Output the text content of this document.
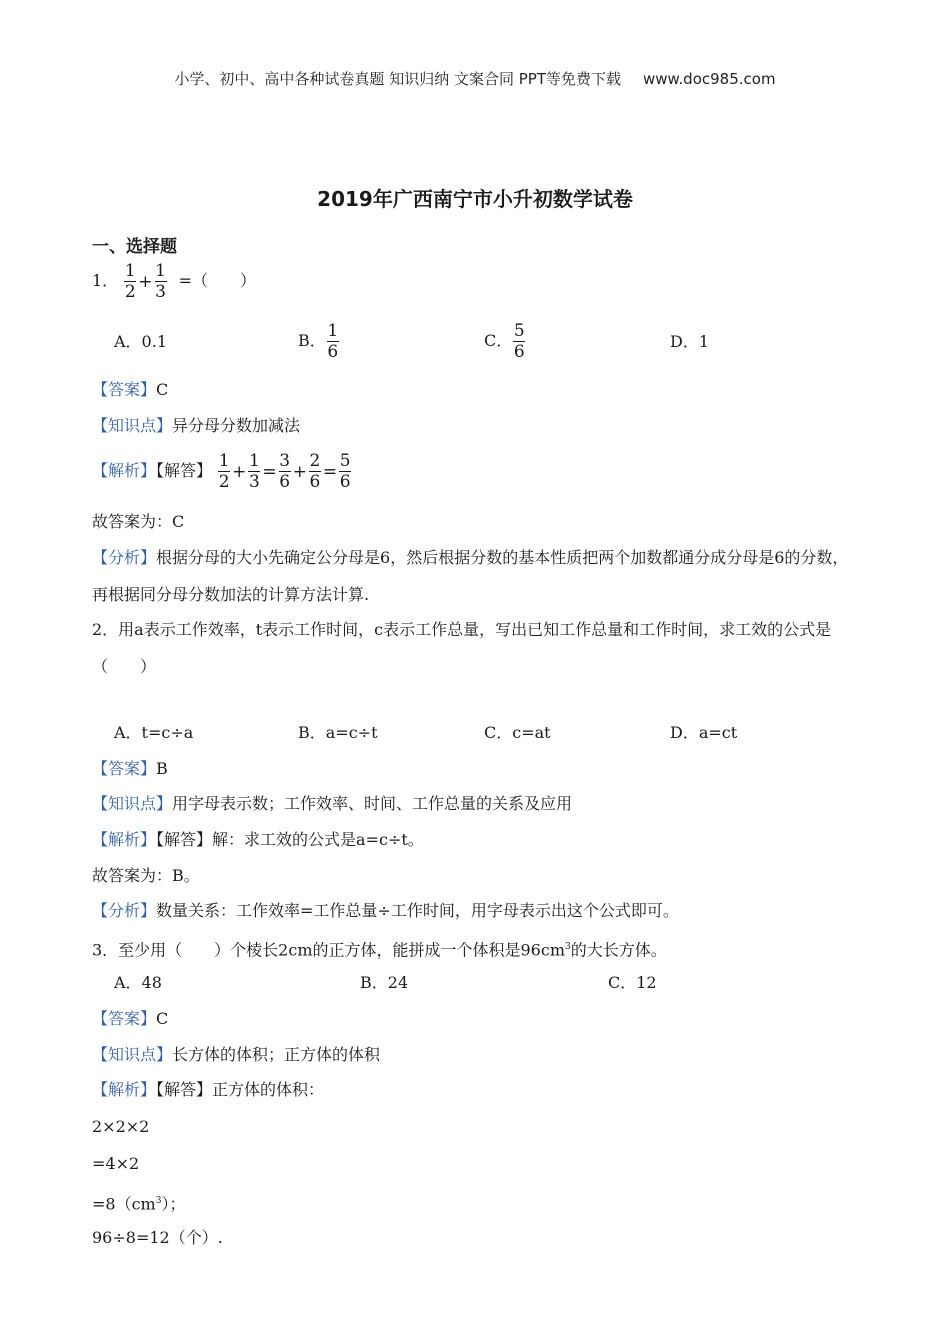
小学、初中、高中各种试卷真题 知识归纳 文案合同 PPT等免费下载 www.doc985.com
2019年广西南宁市小升初数学试卷
一、选择题
1． $\frac{1}{2} + \frac{1}{3}$ =（　　）
A．0.1	B． $\frac{1}{6}$	C． $\frac{5}{6}$	D．1
【答案】C
【知识点】异分母分数加减法
【解析】【解答】 $\frac{1}{2} + \frac{1}{3} = \frac{3}{6} + \frac{2}{6} = \frac{5}{6}$
故答案为：C
【分析】根据分母的大小先确定公分母是6，然后根据分数的基本性质把两个加数都通分成分母是6的分数，再根据同分母分数加法的计算方法计算.
2．用a表示工作效率，t表示工作时间，c表示工作总量，写出已知工作总量和工作时间，求工效的公式是（　　）
A．t=c÷a	B．a=c÷t	C．c=at	D．a=ct
【答案】B
【知识点】用字母表示数；工作效率、时间、工作总量的关系及应用
【解析】【解答】解：求工效的公式是a=c÷t。
故答案为：B。
【分析】数量关系：工作效率=工作总量÷工作时间，用字母表示出这个公式即可。
3．至少用（　　）个棱长2cm的正方体，能拼成一个体积是$96cm^3$的大长方体。
A．48	B．24	C．12
【答案】C
【知识点】长方体的体积；正方体的体积
【解析】【解答】正方体的体积：
2×2×2
=4×2
$=8(cm^3)$；
96÷8=12（个）.
